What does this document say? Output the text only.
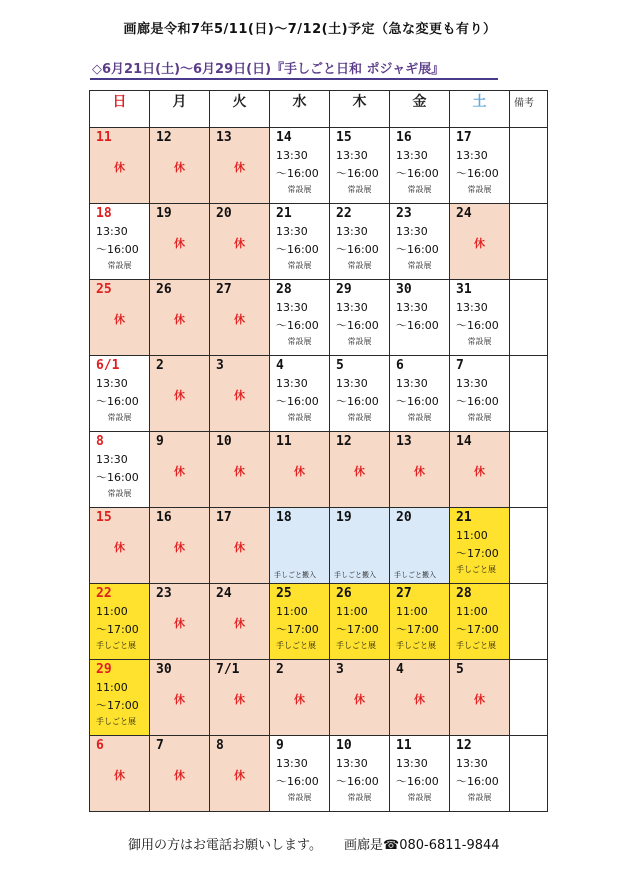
画廊是令和7年5/11(日)～7/12(土)予定（急な変更も有り）
◇6月21日(土)～6月29日(日)『手しごと日和 ポジャギ展』
日	月	火	水	木	金	土	備考

11
休	12
休	13
休	14
13:30
～16:00
常設展	15
13:30
～16:00
常設展	16
13:30
～16:00
常設展	17
13:30
～16:00
常設展	

18
13:30
～16:00
常設展	19
休	20
休	21
13:30
～16:00
常設展	22
13:30
～16:00
常設展	23
13:30
～16:00
常設展	24
休	

25
休	26
休	27
休	28
13:30
～16:00
常設展	29
13:30
～16:00
常設展	30
13:30
～16:00	31
13:30
～16:00
常設展	

6/1
13:30
～16:00
常設展	2
休	3
休	4
13:30
～16:00
常設展	5
13:30
～16:00
常設展	6
13:30
～16:00
常設展	7
13:30
～16:00
常設展	

8
13:30
～16:00
常設展	9
休	10
休	11
休	12
休	13
休	14
休	

15
休	16
休	17
休	18
手しごと搬入	19
手しごと搬入	20
手しごと搬入	21
11:00
～17:00
手しごと展	

22
11:00
～17:00
手しごと展	23
休	24
休	25
11:00
～17:00
手しごと展	26
11:00
～17:00
手しごと展	27
11:00
～17:00
手しごと展	28
11:00
～17:00
手しごと展	

29
11:00
～17:00
手しごと展	30
休	7/1
休	2
休	3
休	4
休	5
休	

6
休	7
休	8
休	9
13:30
～16:00
常設展	10
13:30
～16:00
常設展	11
13:30
～16:00
常設展	12
13:30
～16:00
常設展	

御用の方はお電話お願いします。 画廊是☎080-6811-9844
